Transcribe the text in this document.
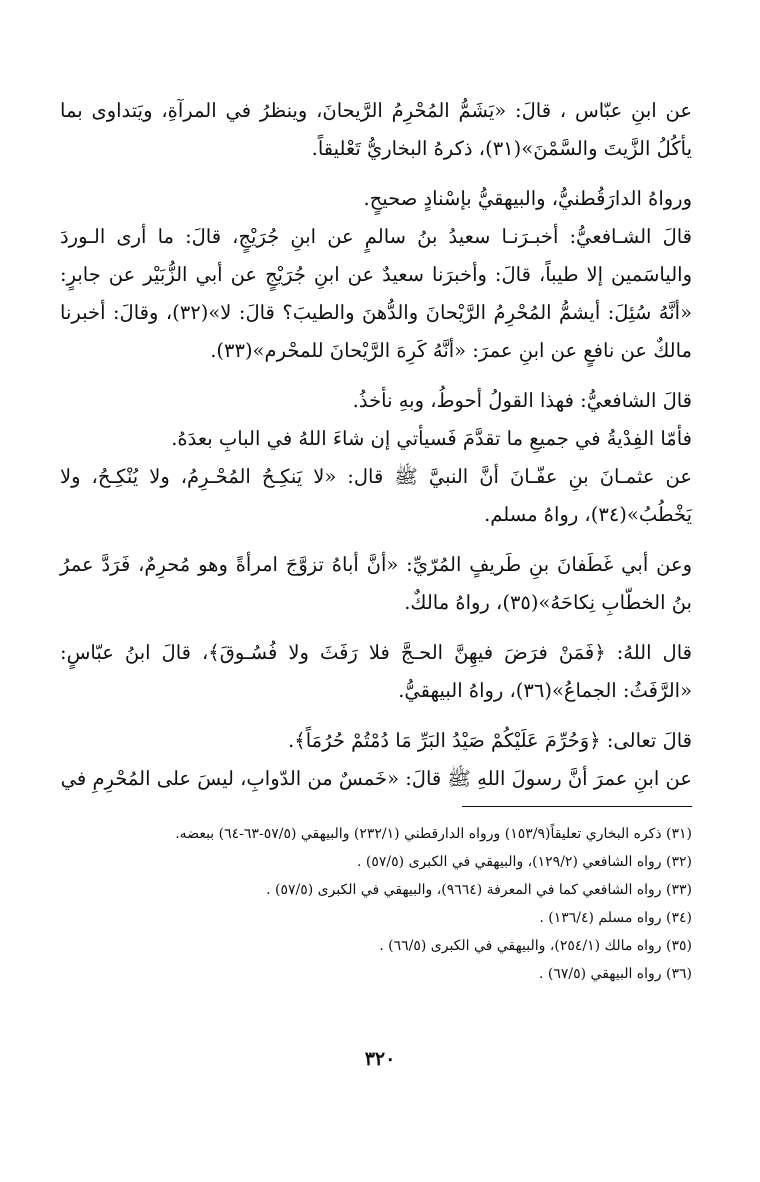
عن ابنِ عبّاس ، قالَ: «يَشَمُّ المُحْرِمُ الرَّيحانَ، وينظرُ في المرآةِ، ويَتداوى بما يأكُلُ الزَّيتَ والسَّمْنَ»(٣١)، ذكرهُ البخاريُّ تَعْليقاً.

ورواهُ الدارَقُطنيُّ، والبيهقيُّ بإسْنادٍ صحيحٍ.

قالَ الشـافعيُّ: أخبـرَنـا سعيدُ بنُ سالمٍ عن ابنِ جُرَيْجٍ، قالَ: ما أرى الـوردَ والياسَمين إلا طيباً، قالَ: وأخبرَنا سعيدٌ عن ابنِ جُرَيْجٍ عن أبي الزُّبَيْر عن جابرٍ: «أنَّهُ سُئِلَ: أيشمُّ المُحْرِمُ الرَّيْحانَ والدُّهنَ والطيبَ؟ قالَ: لا»(٣٢)، وقالَ: أخبرنا مالكٌ عن نافعٍ عن ابنِ عمرَ: «أنَّهُ كَرِهَ الرَّيْحانَ للمحْرم»(٣٣).

قالَ الشافعيُّ: فهذا القولُ أحوطُ، وبهِ نأخذُ.

فأمّا الفِدْيةُ في جميعِ ما تقدَّمَ فَسيأتي إن شاءَ اللهُ في البابِ بعدَهُ.

عن عثمـانَ بنِ عفّـانَ أنَّ النبيَّ ﷺ قال: «لا يَنكِـحُ المُحْـرِمُ، ولا يُنْكِـحُ، ولا يَخْطُبُ»(٣٤)، رواهُ مسلم.

وعن أبي غَطَفانَ بنِ طَريفٍ المُرّيِّ: «أنَّ أباهُ تزوَّجَ امرأةً وهو مُحرِمٌ، فَرَدَّ عمرُ بنُ الخطّابِ نِكاحَهُ»(٣٥)، رواهُ مالكٌ.

قال اللهُ: ﴿فَمَنْ فرَضَ فيهِنَّ الحـجَّ فلا رَفَثَ ولا فُسُـوقَ﴾، قالَ ابنُ عبّاسٍ: «الرَّفَثُ: الجماعُ»(٣٦)، رواهُ البيهقيُّ.

قالَ تعالى: ﴿وَحُرِّمَ عَلَيْكُمْ صَيْدُ البَرِّ مَا دُمْتُمْ حُرُمَاً﴾.

عن ابنِ عمرَ أنَّ رسولَ اللهِ ﷺ قالَ: «خَمسٌ من الدّوابِ، ليسَ على المُحْرِمِ في

(٣١) ذكره البخاري تعليقاً(١٥٣/٩) ورواه الدارقطني (٢٣٢/١) والبيهقي (٥٧/٥-٦٣-٦٤) ببعضه.

(٣٢) رواه الشافعي (١٢٩/٢)، والبيهقي في الكبرى (٥٧/٥) .

(٣٣) رواه الشافعي كما في المعرفة (٩٦٦٤)، والبيهقي في الكبرى (٥٧/٥) .

(٣٤) رواه مسلم (١٣٦/٤) .

(٣٥) رواه مالك (٢٥٤/١)، والبيهقي في الكبرى (٦٦/٥) .

(٣٦) رواه البيهقي (٦٧/٥) .

٣٢٠
